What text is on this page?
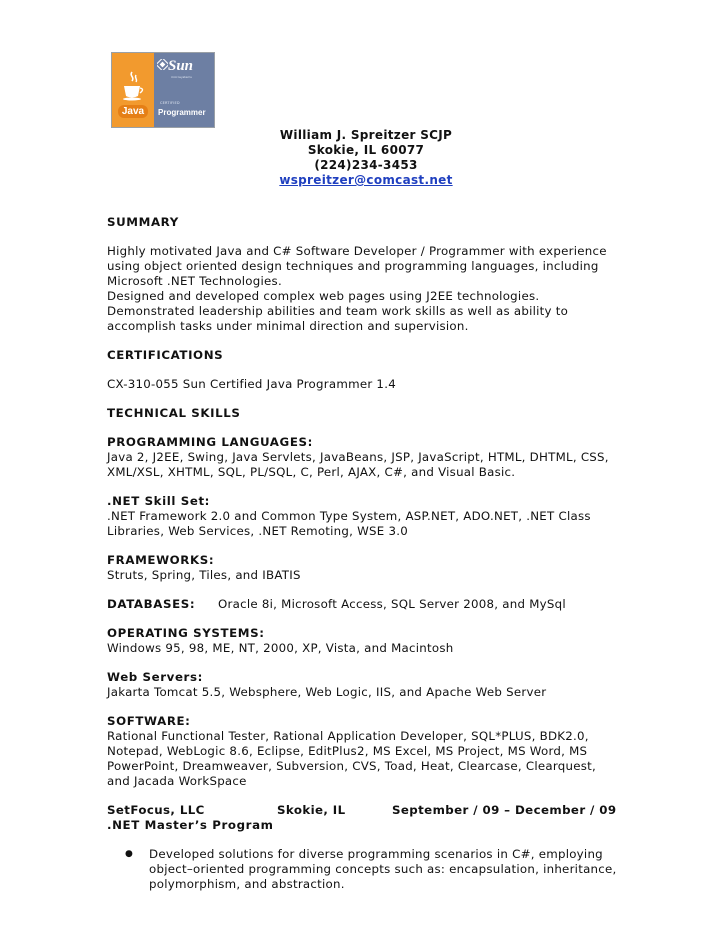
Java
Sun
microsystems
CERTIFIED
Programmer
William J. Spreitzer SCJP
Skokie, IL 60077
(224)234-3453
wspreitzer@comcast.net

SUMMARY

Highly motivated Java and C# Software Developer / Programmer with experience using object oriented design techniques and programming languages, including Microsoft .NET Technologies.

Designed and developed complex web pages using J2EE technologies. Demonstrated leadership abilities and team work skills as well as ability to accomplish tasks under minimal direction and supervision.

CERTIFICATIONS

CX-310-055 Sun Certified Java Programmer 1.4

TECHNICAL SKILLS

PROGRAMMING LANGUAGES:

Java 2, J2EE, Swing, Java Servlets, JavaBeans, JSP, JavaScript, HTML, DHTML, CSS, XML/XSL, XHTML, SQL, PL/SQL, C, Perl, AJAX, C#, and Visual Basic.

.NET Skill Set:

.NET Framework 2.0 and Common Type System, ASP.NET, ADO.NET, .NET Class Libraries, Web Services, .NET Remoting, WSE 3.0

FRAMEWORKS:

Struts, Spring, Tiles, and IBATIS

DATABASES:	Oracle 8i, Microsoft Access, SQL Server 2008, and MySql

OPERATING SYSTEMS:

Windows 95, 98, ME, NT, 2000, XP, Vista, and Macintosh

Web Servers:

Jakarta Tomcat 5.5, Websphere, Web Logic, IIS, and Apache Web Server

SOFTWARE:

Rational Functional Tester, Rational Application Developer, SQL*PLUS, BDK2.0, Notepad, WebLogic 8.6, Eclipse, EditPlus2, MS Excel, MS Project, MS Word, MS PowerPoint, Dreamweaver, Subversion, CVS, Toad, Heat, Clearcase, Clearquest, and Jacada WorkSpace

SetFocus, LLC	Skokie, IL	September / 09 – December / 09

.NET Master’s Program

● Developed solutions for diverse programming scenarios in C#, employing object–oriented programming concepts such as: encapsulation, inheritance, polymorphism, and abstraction.
